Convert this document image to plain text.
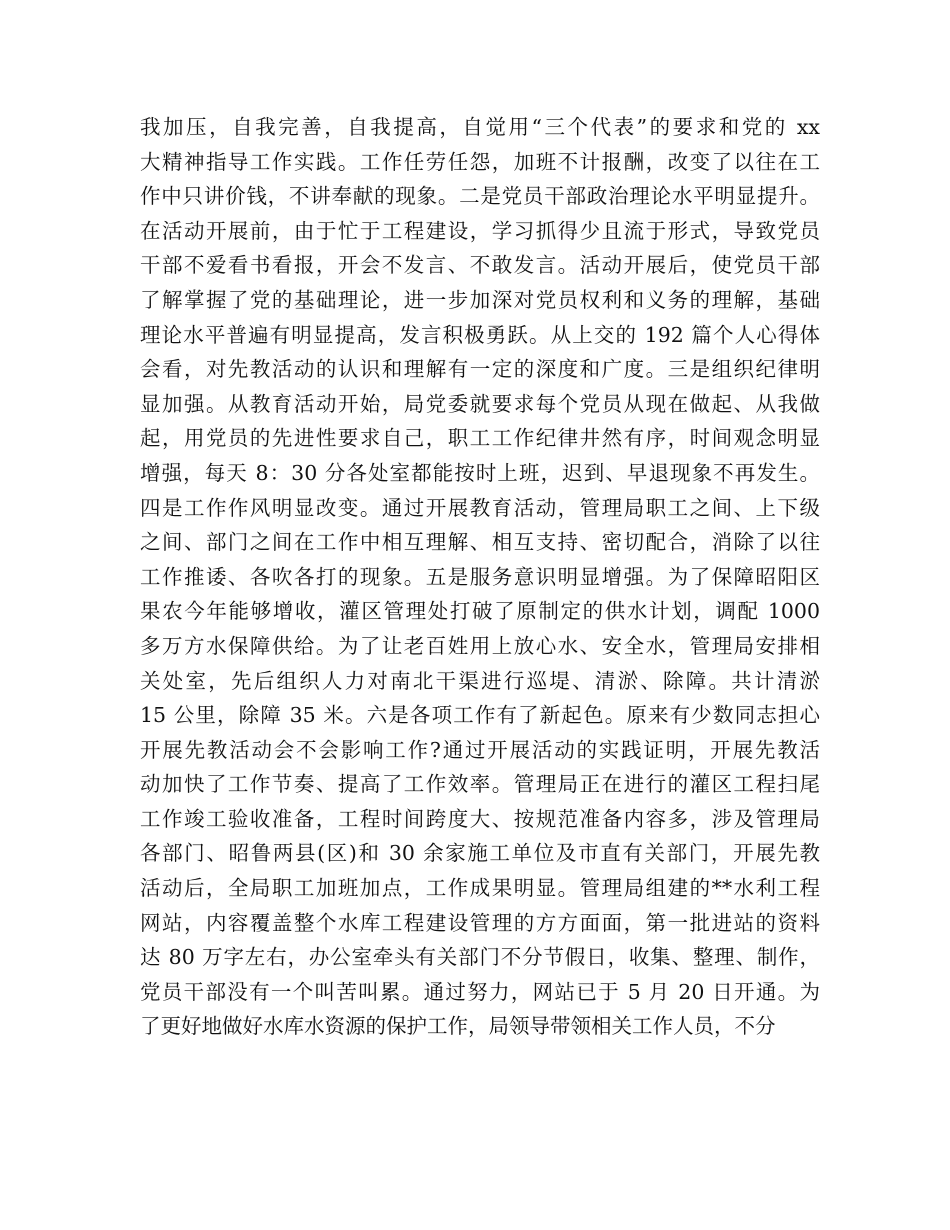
我加压，自我完善，自我提高，自觉用“三个代表”的要求和党的 xx
大精神指导工作实践。工作任劳任怨，加班不计报酬，改变了以往在工
作中只讲价钱，不讲奉献的现象。二是党员干部政治理论水平明显提升。
在活动开展前，由于忙于工程建设，学习抓得少且流于形式，导致党员
干部不爱看书看报，开会不发言、不敢发言。活动开展后，使党员干部
了解掌握了党的基础理论，进一步加深对党员权利和义务的理解，基础
理论水平普遍有明显提高，发言积极勇跃。从上交的 192 篇个人心得体
会看，对先教活动的认识和理解有一定的深度和广度。三是组织纪律明
显加强。从教育活动开始，局党委就要求每个党员从现在做起、从我做
起，用党员的先进性要求自己，职工工作纪律井然有序，时间观念明显
增强，每天 8：30 分各处室都能按时上班，迟到、早退现象不再发生。
四是工作作风明显改变。通过开展教育活动，管理局职工之间、上下级
之间、部门之间在工作中相互理解、相互支持、密切配合，消除了以往
工作推诿、各吹各打的现象。五是服务意识明显增强。为了保障昭阳区
果农今年能够增收，灌区管理处打破了原制定的供水计划，调配 1000
多万方水保障供给。为了让老百姓用上放心水、安全水，管理局安排相
关处室，先后组织人力对南北干渠进行巡堤、清淤、除障。共计清淤
15 公里，除障 35 米。六是各项工作有了新起色。原来有少数同志担心
开展先教活动会不会影响工作?通过开展活动的实践证明，开展先教活
动加快了工作节奏、提高了工作效率。管理局正在进行的灌区工程扫尾
工作竣工验收准备，工程时间跨度大、按规范准备内容多，涉及管理局
各部门、昭鲁两县(区)和 30 余家施工单位及市直有关部门，开展先教
活动后，全局职工加班加点，工作成果明显。管理局组建的**水利工程
网站，内容覆盖整个水库工程建设管理的方方面面，第一批进站的资料
达 80 万字左右，办公室牵头有关部门不分节假日，收集、整理、制作，
党员干部没有一个叫苦叫累。通过努力，网站已于 5 月 20 日开通。为
了更好地做好水库水资源的保护工作，局领导带领相关工作人员，不分
